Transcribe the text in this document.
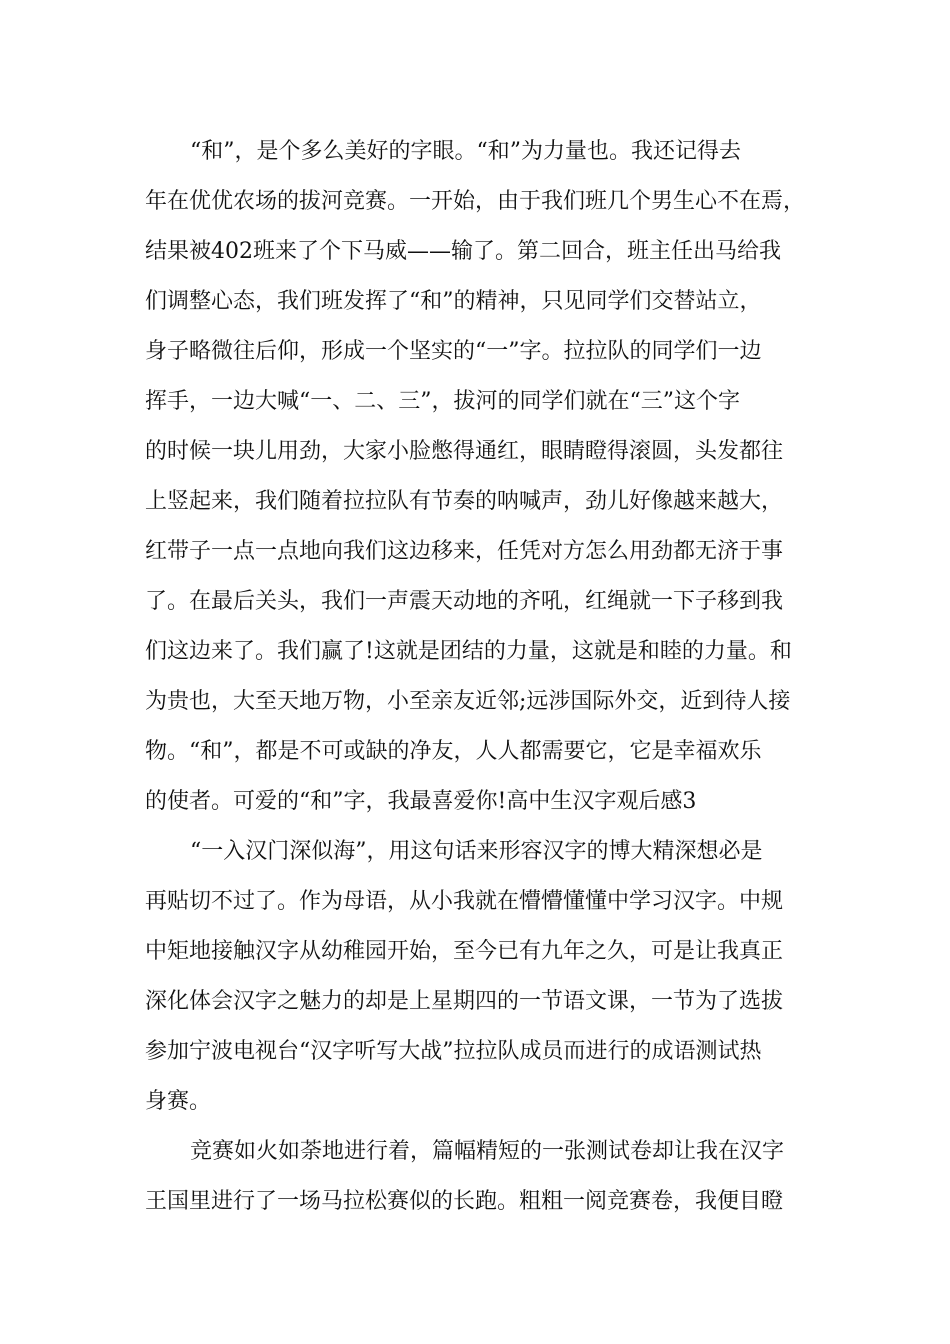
“和”，是个多么美好的字眼。“和”为力量也。我还记得去
年在优优农场的拔河竞赛。一开始，由于我们班几个男生心不在焉，
结果被402班来了个下马威——输了。第二回合，班主任出马给我
们调整心态，我们班发挥了“和”的精神，只见同学们交替站立，
身子略微往后仰，形成一个坚实的“一”字。拉拉队的同学们一边
挥手，一边大喊“一、二、三”，拔河的同学们就在“三”这个字
的时候一块儿用劲，大家小脸憋得通红，眼睛瞪得滚圆，头发都往
上竖起来，我们随着拉拉队有节奏的呐喊声，劲儿好像越来越大，
红带子一点一点地向我们这边移来，任凭对方怎么用劲都无济于事
了。在最后关头，我们一声震天动地的齐吼，红绳就一下子移到我
们这边来了。我们赢了!这就是团结的力量，这就是和睦的力量。和
为贵也，大至天地万物，小至亲友近邻;远涉国际外交，近到待人接
物。“和”，都是不可或缺的净友，人人都需要它，它是幸福欢乐
的使者。可爱的“和”字，我最喜爱你!高中生汉字观后感3
“一入汉门深似海”，用这句话来形容汉字的博大精深想必是
再贴切不过了。作为母语，从小我就在懵懵懂懂中学习汉字。中规
中矩地接触汉字从幼稚园开始，至今已有九年之久，可是让我真正
深化体会汉字之魅力的却是上星期四的一节语文课，一节为了选拔
参加宁波电视台“汉字听写大战”拉拉队成员而进行的成语测试热
身赛。
竞赛如火如荼地进行着，篇幅精短的一张测试卷却让我在汉字
王国里进行了一场马拉松赛似的长跑。粗粗一阅竞赛卷，我便目瞪
